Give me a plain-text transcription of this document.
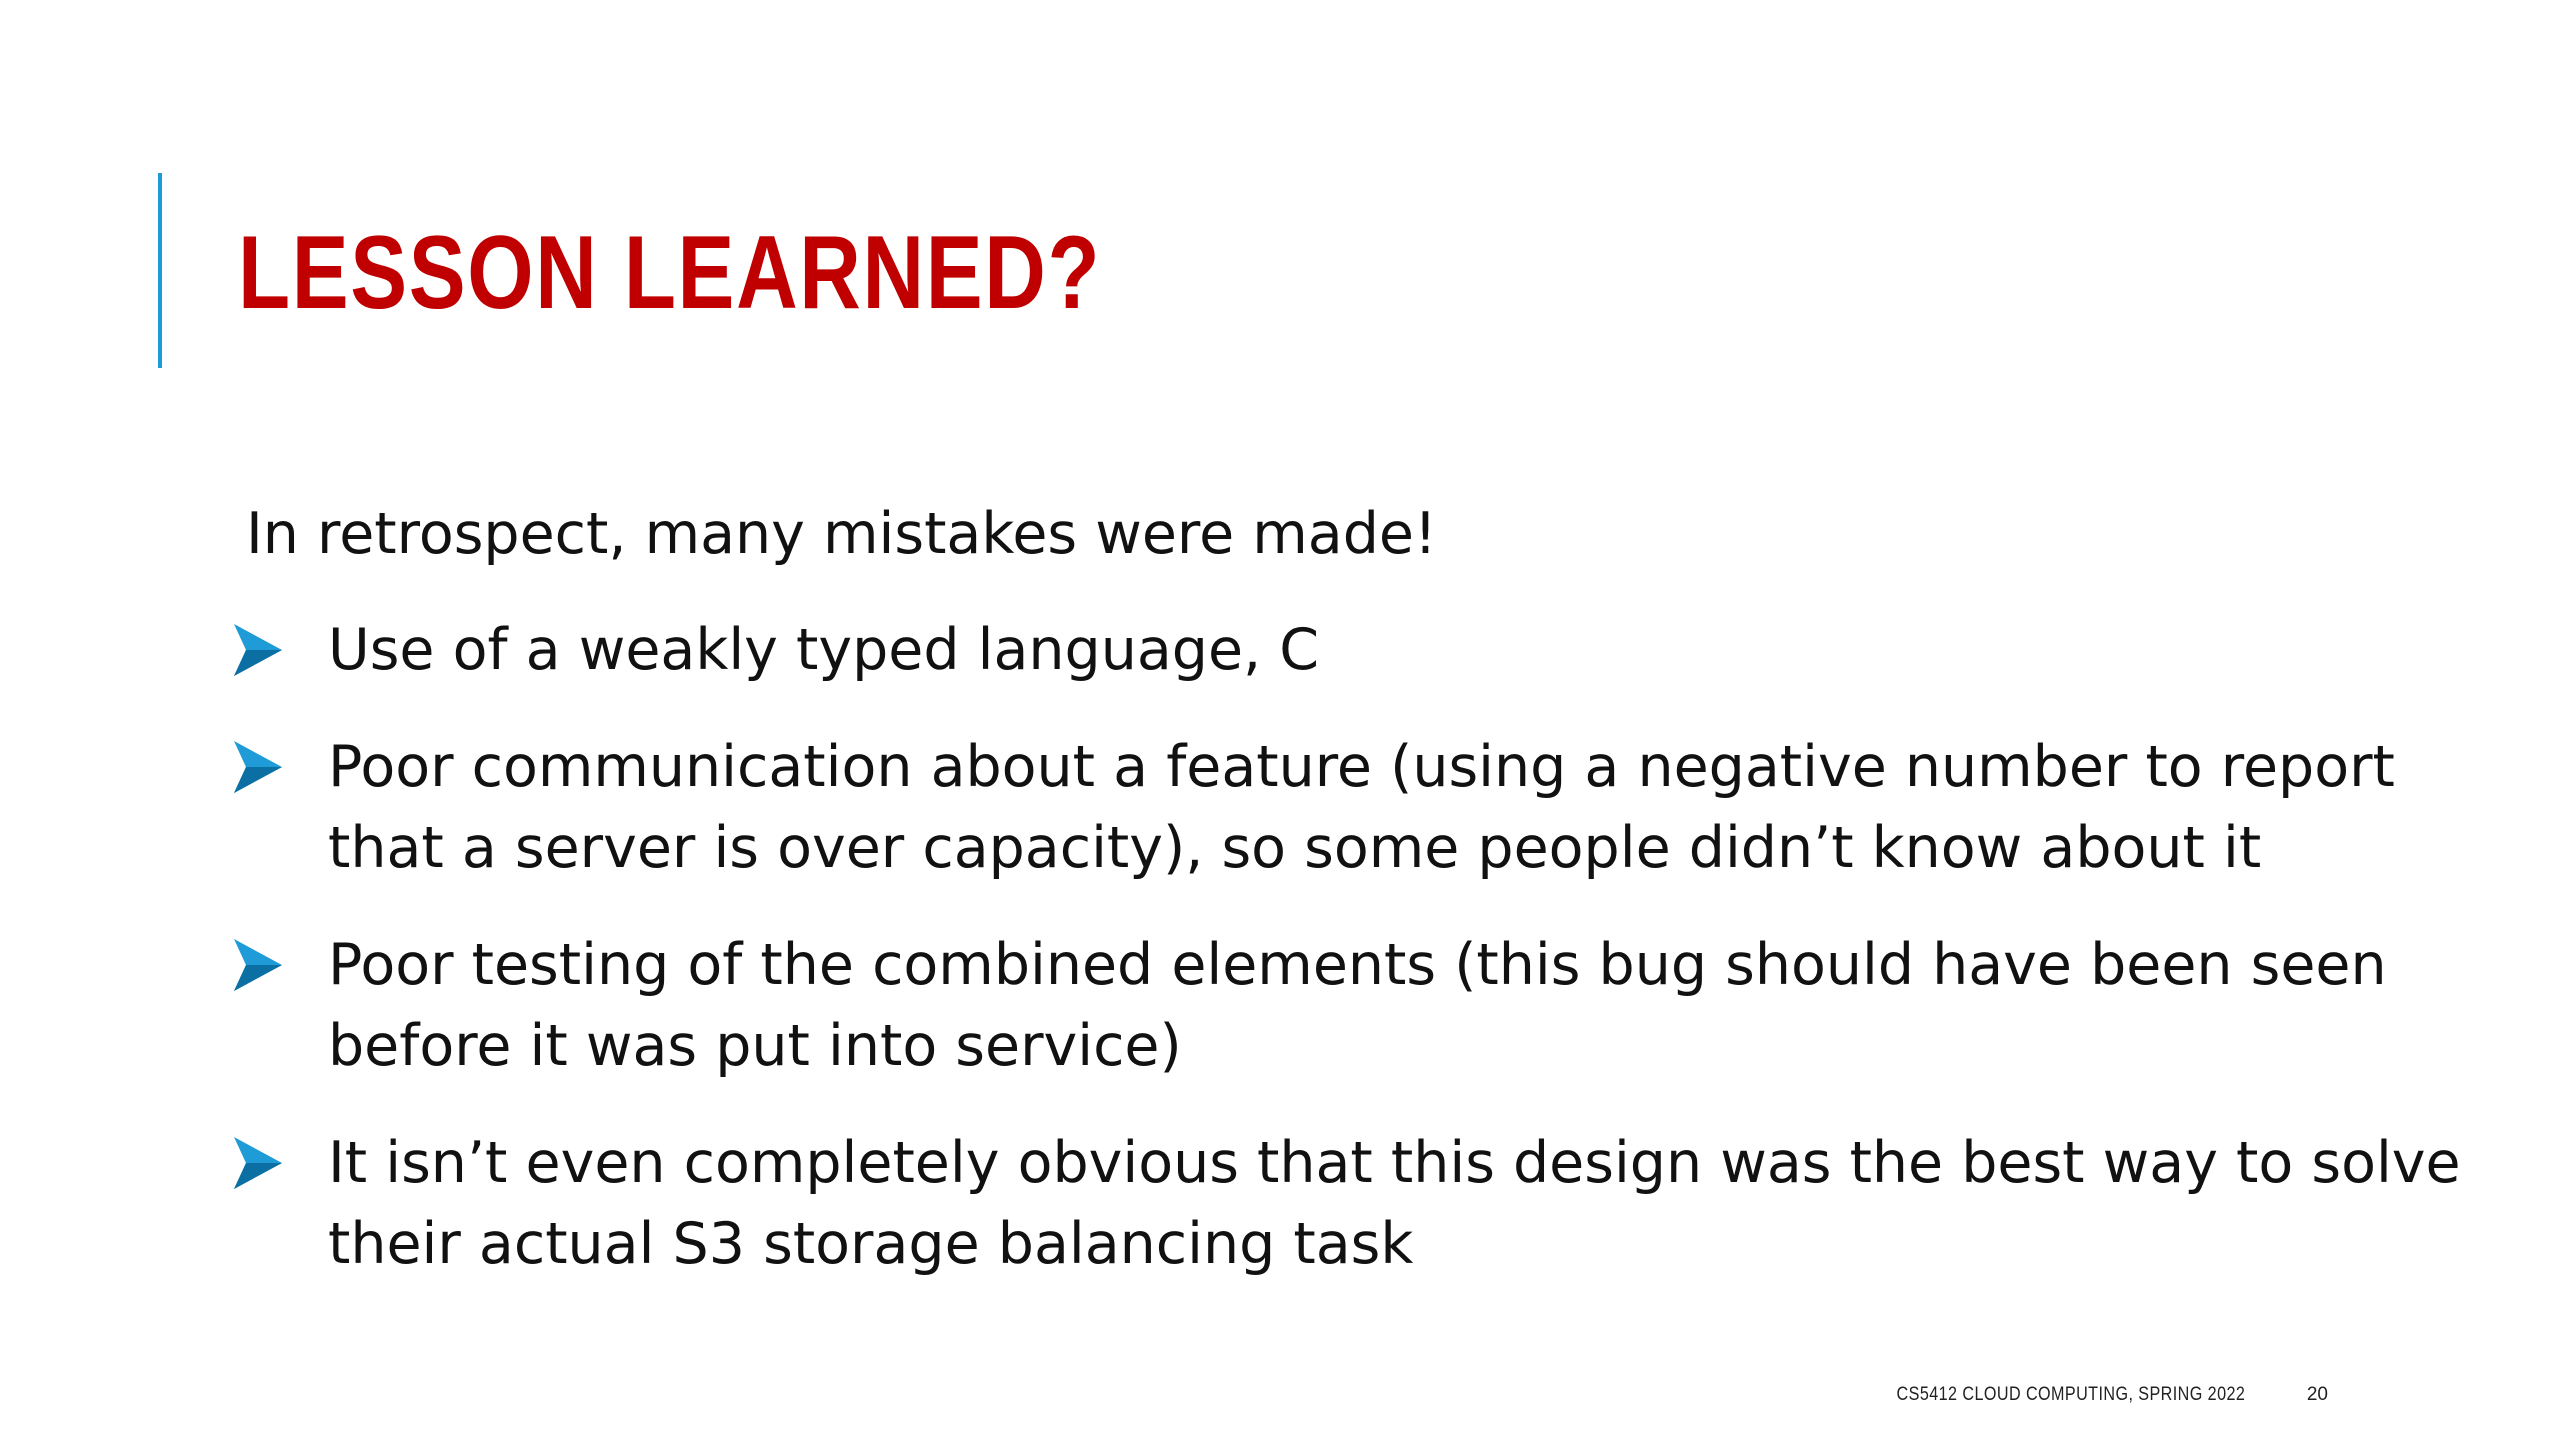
LESSON LEARNED?

In retrospect, many mistakes were made!

Use of a weakly typed language, C
Poor communication about a feature (using a negative number to report that a server is over capacity), so some people didn’t know about it
Poor testing of the combined elements (this bug should have been seen before it was put into service)
It isn’t even completely obvious that this design was the best way to solve their actual S3 storage balancing task
CS5412 CLOUD COMPUTING, SPRING 2022	20
